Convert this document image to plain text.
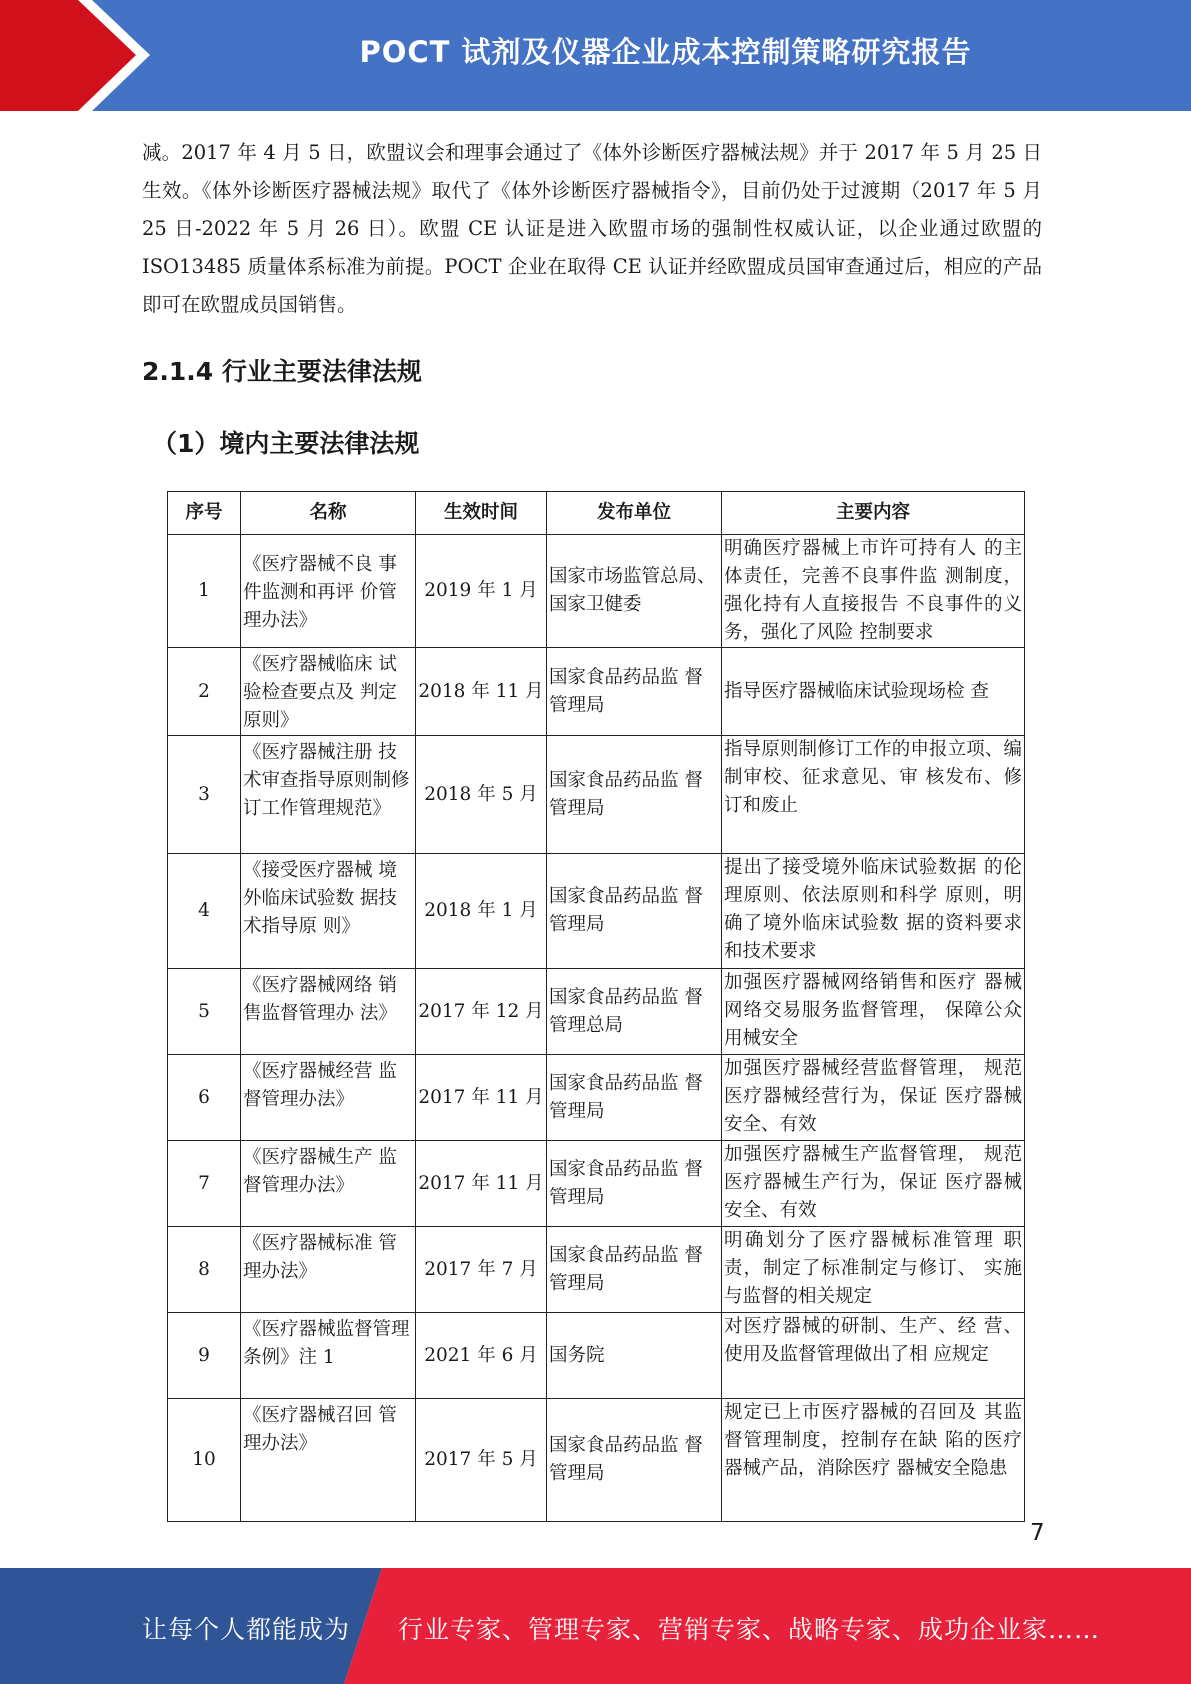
POCT 试剂及仪器企业成本控制策略研究报告

减。2017 年 4 月 5 日，欧盟议会和理事会通过了《体外诊断医疗器械法规》并于 2017 年 5 月 25 日生效。《体外诊断医疗器械法规》取代了《体外诊断医疗器械指令》，目前仍处于过渡期（2017 年 5 月 25 日-2022 年 5 月 26 日）。欧盟 CE 认证是进入欧盟市场的强制性权威认证，以企业通过欧盟的 ISO13485 质量体系标准为前提。POCT 企业在取得 CE 认证并经欧盟成员国审查通过后，相应的产品即可在欧盟成员国销售。

2.1.4 行业主要法律法规
（1）境内主要法律法规
序号	名称	生效时间	发布单位	主要内容
1	《医疗器械不良 事件监测和再评 价管理办法》	2019 年 1 月	国家市场监管总局、国家卫健委	明确医疗器械上市许可持有人 的主体责任，完善不良事件监 测制度，强化持有人直接报告 不良事件的义务，强化了风险 控制要求
2	《医疗器械临床 试验检查要点及 判定原则》	2018 年 11 月	国家食品药品监 督管理局	指导医疗器械临床试验现场检 查
3	《医疗器械注册 技术审查指导原则制修订工作管理规范》	2018 年 5 月	国家食品药品监 督管理局	指导原则制修订工作的申报立项、编制审校、征求意见、审 核发布、修订和废止
4	《接受医疗器械 境外临床试验数 据技术指导原 则》	2018 年 1 月	国家食品药品监 督管理局	提出了接受境外临床试验数据 的伦理原则、依法原则和科学 原则，明确了境外临床试验数 据的资料要求和技术要求
5	《医疗器械网络 销售监督管理办 法》	2017 年 12 月	国家食品药品监 督管理总局	加强医疗器械网络销售和医疗 器械网络交易服务监督管理， 保障公众用械安全
6	《医疗器械经营 监督管理办法》	2017 年 11 月	国家食品药品监 督管理局	加强医疗器械经营监督管理， 规范医疗器械经营行为，保证 医疗器械安全、有效
7	《医疗器械生产 监督管理办法》	2017 年 11 月	国家食品药品监 督管理局	加强医疗器械生产监督管理， 规范医疗器械生产行为，保证 医疗器械安全、有效
8	《医疗器械标准 管理办法》	2017 年 7 月	国家食品药品监 督管理局	明确划分了医疗器械标准管理 职责，制定了标准制定与修订、 实施与监督的相关规定
9	《医疗器械监督管理条例》注 1	2021 年 6 月	国务院	对医疗器械的研制、生产、经 营、使用及监督管理做出了相 应规定
10	《医疗器械召回 管理办法》	2017 年 5 月	国家食品药品监 督管理局	规定已上市医疗器械的召回及 其监督管理制度，控制存在缺 陷的医疗器械产品，消除医疗 器械安全隐患
7
让每个人都能成为 行业专家、管理专家、营销专家、战略专家、成功企业家……
